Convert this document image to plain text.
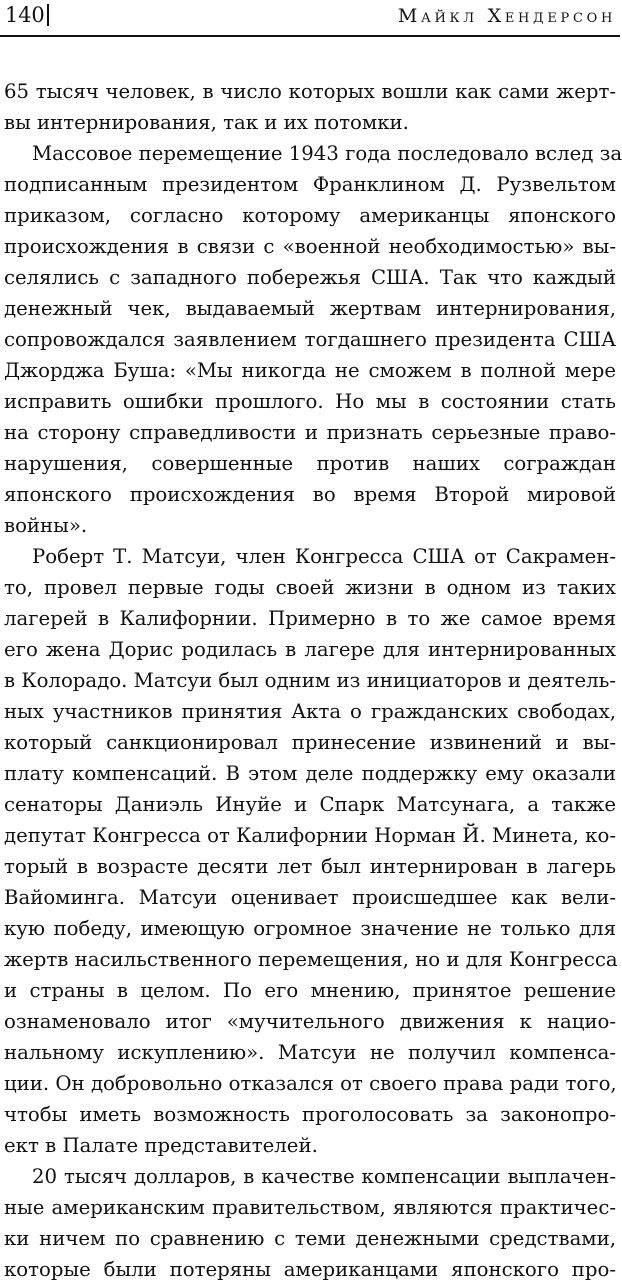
140	Майкл Хендерсон
65 тысяч человек, в число которых вошли как сами жерт-
вы интернирования, так и их потомки.
Массовое перемещение 1943 года последовало вслед за
подписанным президентом Франклином Д. Рузвельтом
приказом, согласно которому американцы японского
происхождения в связи с «военной необходимостью» вы-
селялись с западного побережья США. Так что каждый
денежный чек, выдаваемый жертвам интернирования,
сопровождался заявлением тогдашнего президента США
Джорджа Буша: «Мы никогда не сможем в полной мере
исправить ошибки прошлого. Но мы в состоянии стать
на сторону справедливости и признать серьезные право-
нарушения, совершенные против наших сограждан
японского происхождения во время Второй мировой
войны».
Роберт Т. Матсуи, член Конгресса США от Сакрамен-
то, провел первые годы своей жизни в одном из таких
лагерей в Калифорнии. Примерно в то же самое время
его жена Дорис родилась в лагере для интернированных
в Колорадо. Матсуи был одним из инициаторов и деятель-
ных участников принятия Акта о гражданских свободах,
который санкционировал принесение извинений и вы-
плату компенсаций. В этом деле поддержку ему оказали
сенаторы Даниэль Инуйе и Спарк Матсунага, а также
депутат Конгресса от Калифорнии Норман Й. Минета, ко-
торый в возрасте десяти лет был интернирован в лагерь
Вайоминга. Матсуи оценивает происшедшее как вели-
кую победу, имеющую огромное значение не только для
жертв насильственного перемещения, но и для Конгресса
и страны в целом. По его мнению, принятое решение
ознаменовало итог «мучительного движения к нацио-
нальному искуплению». Матсуи не получил компенса-
ции. Он добровольно отказался от своего права ради того,
чтобы иметь возможность проголосовать за законопро-
ект в Палате представителей.
20 тысяч долларов, в качестве компенсации выплачен-
ные американским правительством, являются практичес-
ки ничем по сравнению с теми денежными средствами,
которые были потеряны американцами японского про-
